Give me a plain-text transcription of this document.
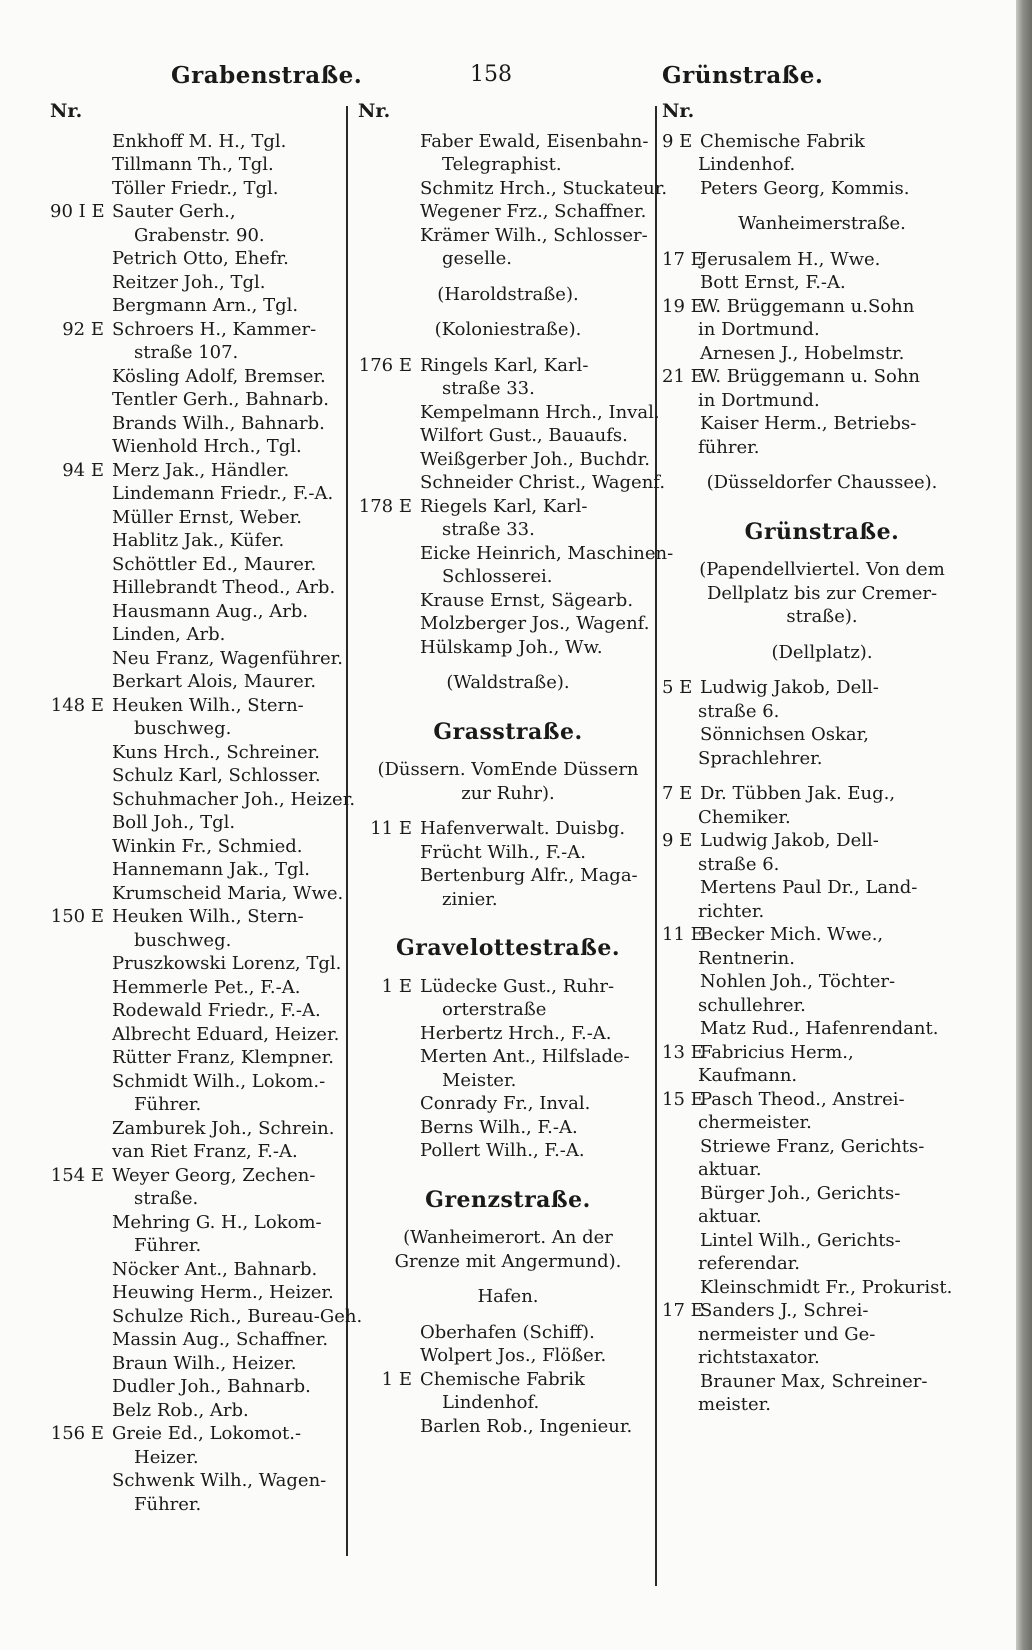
Grabenstraße.	158	Grünstraße.
Nr.
Enkhoff M. H., Tgl.
Tillmann Th., Tgl.
Töller Friedr., Tgl.
90 I E Sauter Gerh.,
Grabenstr. 90.
Petrich Otto, Ehefr.
Reitzer Joh., Tgl.
Bergmann Arn., Tgl.
92 E Schroers H., Kammer-
straße 107.
Kösling Adolf, Bremser.
Tentler Gerh., Bahnarb.
Brands Wilh., Bahnarb.
Wienhold Hrch., Tgl.
94 E Merz Jak., Händler.
Lindemann Friedr., F.-A.
Müller Ernst, Weber.
Hablitz Jak., Küfer.
Schöttler Ed., Maurer.
Hillebrandt Theod., Arb.
Hausmann Aug., Arb.
Linden, Arb.
Neu Franz, Wagenführer.
Berkart Alois, Maurer.
148 E Heuken Wilh., Stern-
buschweg.
Kuns Hrch., Schreiner.
Schulz Karl, Schlosser.
Schuhmacher Joh., Heizer.
Boll Joh., Tgl.
Winkin Fr., Schmied.
Hannemann Jak., Tgl.
Krumscheid Maria, Wwe.
150 E Heuken Wilh., Stern-
buschweg.
Pruszkowski Lorenz, Tgl.
Hemmerle Pet., F.-A.
Rodewald Friedr., F.-A.
Albrecht Eduard, Heizer.
Rütter Franz, Klempner.
Schmidt Wilh., Lokom.-
Führer.
Zamburek Joh., Schrein.
van Riet Franz, F.-A.
154 E Weyer Georg, Zechen-
straße.
Mehring G. H., Lokom-
Führer.
Nöcker Ant., Bahnarb.
Heuwing Herm., Heizer.
Schulze Rich., Bureau-Geh.
Massin Aug., Schaffner.
Braun Wilh., Heizer.
Dudler Joh., Bahnarb.
Belz Rob., Arb.
156 E Greie Ed., Lokomot.-
Heizer.
Schwenk Wilh., Wagen-
Führer.
Nr.
Faber Ewald, Eisenbahn-
Telegraphist.
Schmitz Hrch., Stuckateur.
Wegener Frz., Schaffner.
Krämer Wilh., Schlosser-
geselle.
(Haroldstraße).
(Koloniestraße).
176 E Ringels Karl, Karl-
straße 33.
Kempelmann Hrch., Inval.
Wilfort Gust., Bauaufs.
Weißgerber Joh., Buchdr.
Schneider Christ., Wagenf.
178 E Riegels Karl, Karl-
straße 33.
Eicke Heinrich, Maschinen-
Schlosserei.
Krause Ernst, Sägearb.
Molzberger Jos., Wagenf.
Hülskamp Joh., Ww.
(Waldstraße).
Grasstraße.
(Düssern. VomEnde Düssern
zur Ruhr).
11 E Hafenverwalt. Duisbg.
Frücht Wilh., F.-A.
Bertenburg Alfr., Maga-
zinier.
Gravelottestraße.
1 E Lüdecke Gust., Ruhr-
orterstraße
Herbertz Hrch., F.-A.
Merten Ant., Hilfslade-
Meister.
Conrady Fr., Inval.
Berns Wilh., F.-A.
Pollert Wilh., F.-A.
Grenzstraße.
(Wanheimerort. An der
Grenze mit Angermund).
Hafen.
Oberhafen (Schiff).
Wolpert Jos., Flößer.
1 E Chemische Fabrik
Lindenhof.
Barlen Rob., Ingenieur.
Nr.
9 E Chemische Fabrik
Lindenhof.
Peters Georg, Kommis.
Wanheimerstraße.
17 EJerusalem H., Wwe.
Bott Ernst, F.-A.
19 EW. Brüggemann u.Sohn
in Dortmund.
Arnesen J., Hobelmstr.
21 EW. Brüggemann u. Sohn
in Dortmund.
Kaiser Herm., Betriebs-
führer.
(Düsseldorfer Chaussee).
Grünstraße.
(Papendellviertel. Von dem
Dellplatz bis zur Cremer-
straße).
(Dellplatz).
5 E Ludwig Jakob, Dell-
straße 6.
Sönnichsen Oskar,
Sprachlehrer.
7 E Dr. Tübben Jak. Eug.,
Chemiker.
9 E Ludwig Jakob, Dell-
straße 6.
Mertens Paul Dr., Land-
richter.
11 EBecker Mich. Wwe.,
Rentnerin.
Nohlen Joh., Töchter-
schullehrer.
Matz Rud., Hafenrendant.
13 EFabricius Herm.,
Kaufmann.
15 EPasch Theod., Anstrei-
chermeister.
Striewe Franz, Gerichts-
aktuar.
Bürger Joh., Gerichts-
aktuar.
Lintel Wilh., Gerichts-
referendar.
Kleinschmidt Fr., Prokurist.
17 ESanders J., Schrei-
nermeister und Ge-
richtstaxator.
Brauner Max, Schreiner-
meister.
